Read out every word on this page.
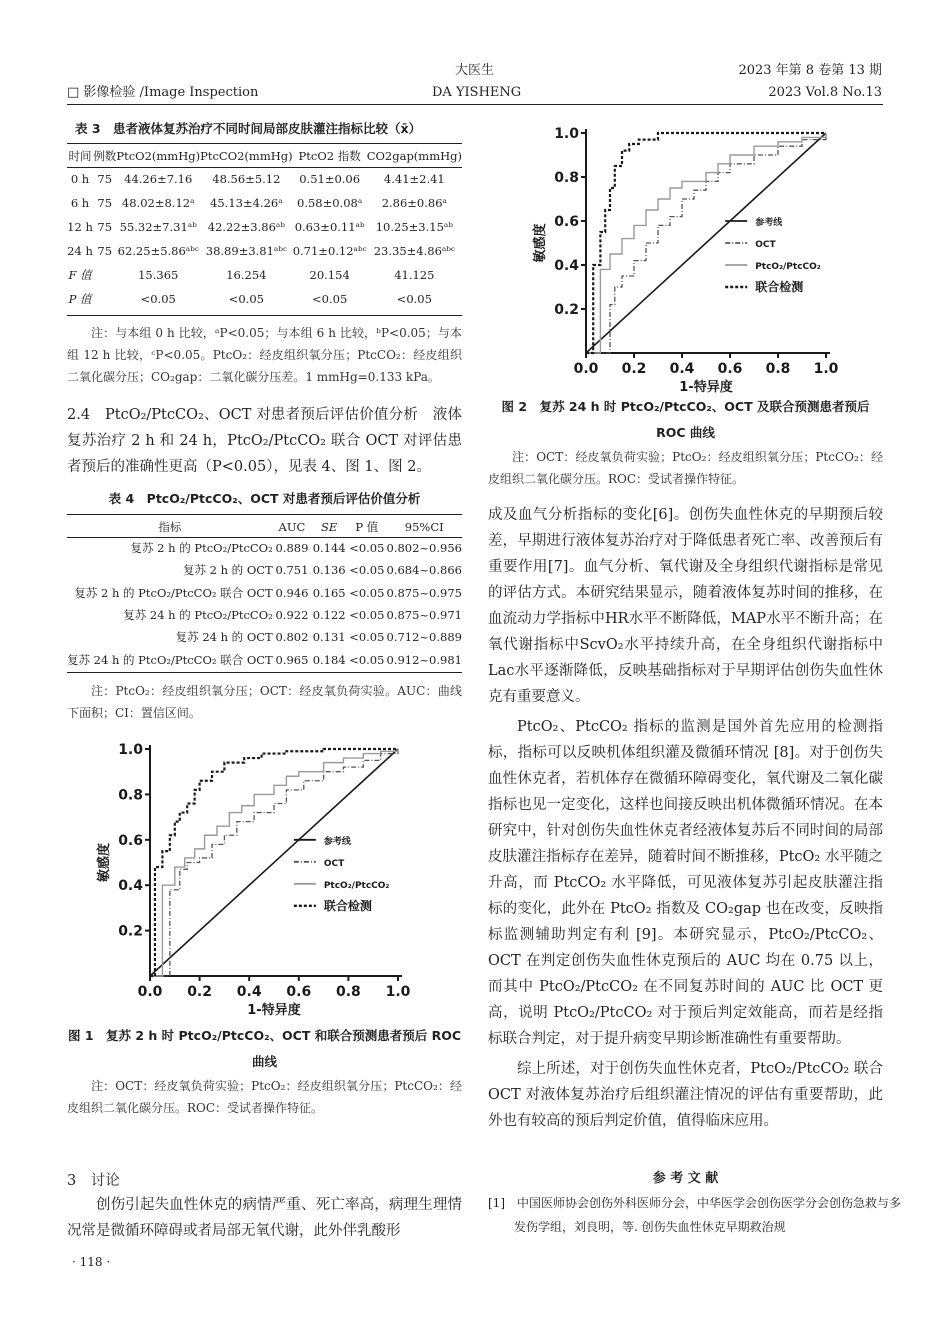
大医生	2023 年第 8 卷第 13 期
□ 影像检验 /Image Inspection	DA YISHENG	2023 Vol.8 No.13
表 3　患者液体复苏治疗不同时间局部皮肤灌注指标比较（x̄）
时间	例数	PtcO2(mmHg)	PtcCO2(mmHg)	PtcO2 指数	CO2gap(mmHg)
0 h	75	44.26±7.16	48.56±5.12	0.51±0.06	4.41±2.41
6 h	75	48.02±8.12ᵃ	45.13±4.26ᵃ	0.58±0.08ᵃ	2.86±0.86ᵃ
12 h	75	55.32±7.31ᵃᵇ	42.22±3.86ᵃᵇ	0.63±0.11ᵃᵇ	10.25±3.15ᵃᵇ
24 h	75	62.25±5.86ᵃᵇᶜ	38.89±3.81ᵃᵇᶜ	0.71±0.12ᵃᵇᶜ	23.35±4.86ᵃᵇᶜ
F 值		15.365	16.254	20.154	41.125
P 值		<0.05	<0.05	<0.05	<0.05
注：与本组 0 h 比较，ᵃP<0.05；与本组 6 h 比较，ᵇP<0.05；与本组 12 h 比较，ᶜP<0.05。PtcO₂：经皮组织氧分压；PtcCO₂：经皮组织二氧化碳分压；CO₂gap：二氧化碳分压差。1 mmHg=0.133 kPa。
2.4　PtcO₂/PtcCO₂、OCT 对患者预后评估价值分析　液体复苏治疗 2 h 和 24 h，PtcO₂/PtcCO₂ 联合 OCT 对评估患者预后的准确性更高（P<0.05），见表 4、图 1、图 2。
表 4　PtcO₂/PtcCO₂、OCT 对患者预后评估价值分析
指标	AUC	SE	P 值	95%CI
复苏 2 h 的 PtcO₂/PtcCO₂	0.889	0.144	<0.05	0.802~0.956
复苏 2 h 的 OCT	0.751	0.136	<0.05	0.684~0.866
复苏 2 h 的 PtcO₂/PtcCO₂ 联合 OCT	0.946	0.165	<0.05	0.875~0.975
复苏 24 h 的 PtcO₂/PtcCO₂	0.922	0.122	<0.05	0.875~0.971
复苏 24 h 的 OCT	0.802	0.131	<0.05	0.712~0.889
复苏 24 h 的 PtcO₂/PtcCO₂ 联合 OCT	0.965	0.184	<0.05	0.912~0.981
注：PtcO₂：经皮组织氧分压；OCT：经皮氧负荷实验。AUC：曲线下面积；CI：置信区间。
1.0
0.8
0.6
0.4
0.2
0.0 0.2 0.4 0.6 0.8 1.0
1-特异度
敏感度
参考线
OCT
PtcO₂/PtcCO₂
联合检测
图 1　复苏 2 h 时 PtcO₂/PtcCO₂、OCT 和联合预测患者预后 ROC 曲线
注：OCT：经皮氧负荷实验；PtcO₂：经皮组织氧分压；PtcCO₂：经皮组织二氧化碳分压。ROC：受试者操作特征。
3　讨论
创伤引起失血性休克的病情严重、死亡率高，病理生理情况常是微循环障碍或者局部无氧代谢，此外伴乳酸形
· 118 ·
1.0
0.8
0.6
0.4
0.2
0.0 0.2 0.4 0.6 0.8 1.0
1-特异度
敏感度
参考线
OCT
PtcO₂/PtcCO₂
联合检测
图 2　复苏 24 h 时 PtcO₂/PtcCO₂、OCT 及联合预测患者预后 ROC 曲线
注：OCT：经皮氧负荷实验；PtcO₂：经皮组织氧分压；PtcCO₂：经皮组织二氧化碳分压。ROC：受试者操作特征。

成及血气分析指标的变化[6]。创伤失血性休克的早期预后较差，早期进行液体复苏治疗对于降低患者死亡率、改善预后有重要作用[7]。血气分析、氧代谢及全身组织代谢指标是常见的评估方式。本研究结果显示，随着液体复苏时间的推移，在血流动力学指标中HR水平不断降低，MAP水平不断升高；在氧代谢指标中ScvO₂水平持续升高，在全身组织代谢指标中Lac水平逐渐降低，反映基础指标对于早期评估创伤失血性休克有重要意义。

PtcO₂、PtcCO₂ 指标的监测是国外首先应用的检测指标，指标可以反映机体组织灌及微循环情况 [8]。对于创伤失血性休克者，若机体存在微循环障碍变化，氧代谢及二氧化碳指标也见一定变化，这样也间接反映出机体微循环情况。在本研究中，针对创伤失血性休克者经液体复苏后不同时间的局部皮肤灌注指标存在差异，随着时间不断推移，PtcO₂ 水平随之升高，而 PtcCO₂ 水平降低，可见液体复苏引起皮肤灌注指标的变化，此外在 PtcO₂ 指数及 CO₂gap 也在改变，反映指标监测辅助判定有利 [9]。本研究显示，PtcO₂/PtcCO₂、OCT 在判定创伤失血性休克预后的 AUC 均在 0.75 以上，而其中 PtcO₂/PtcCO₂ 在不同复苏时间的 AUC 比 OCT 更高，说明 PtcO₂/PtcCO₂ 对于预后判定效能高，而若是经指标联合判定，对于提升病变早期诊断准确性有重要帮助。

综上所述，对于创伤失血性休克者，PtcO₂/PtcCO₂ 联合 OCT 对液体复苏治疗后组织灌注情况的评估有重要帮助，此外也有较高的预后判定价值，值得临床应用。

参 考 文 献
[1]　中国医师协会创伤外科医师分会，中华医学会创伤医学分会创伤急救与多发伤学组，刘良明，等. 创伤失血性休克早期救治规
